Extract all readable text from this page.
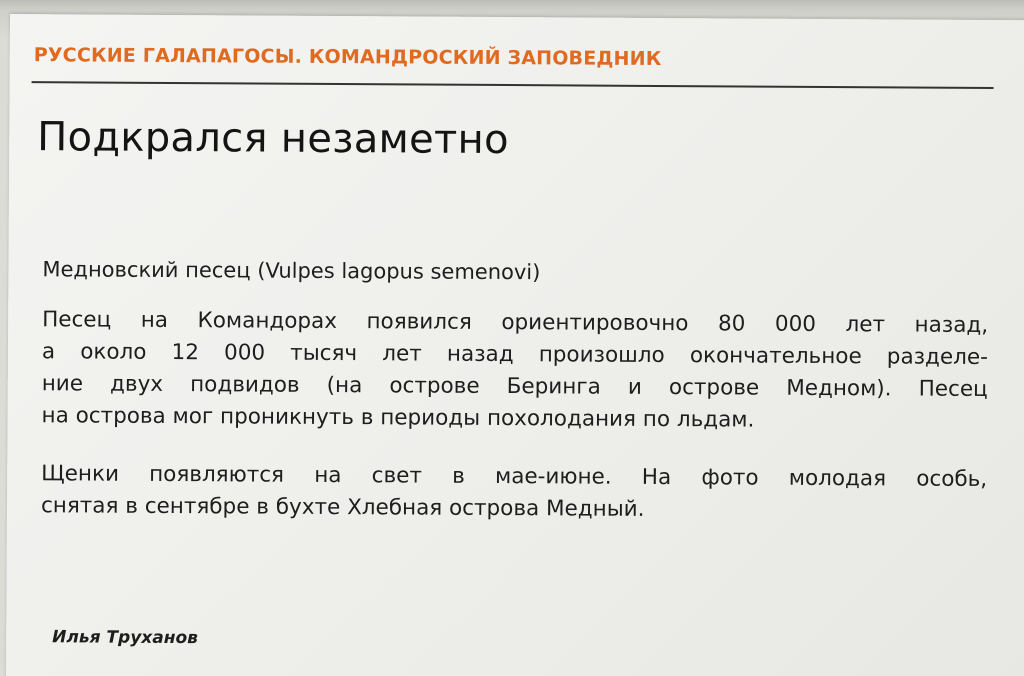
РУССКИЕ ГАЛАПАГОСЫ. КОМАНДРОСКИЙ ЗАПОВЕДНИК
Подкрался незаметно
Медновский песец (Vulpes lagopus semenovi)
Песец на Командорах появился ориентировочно 80 000 лет назад,
а около 12 000 тысяч лет назад произошло окончательное разделе-
ние двух подвидов (на острове Беринга и острове Медном). Песец
на острова мог проникнуть в периоды похолодания по льдам.
Щенки появляются на свет в мае-июне. На фото молодая особь,
снятая в сентябре в бухте Хлебная острова Медный.
Илья Труханов
